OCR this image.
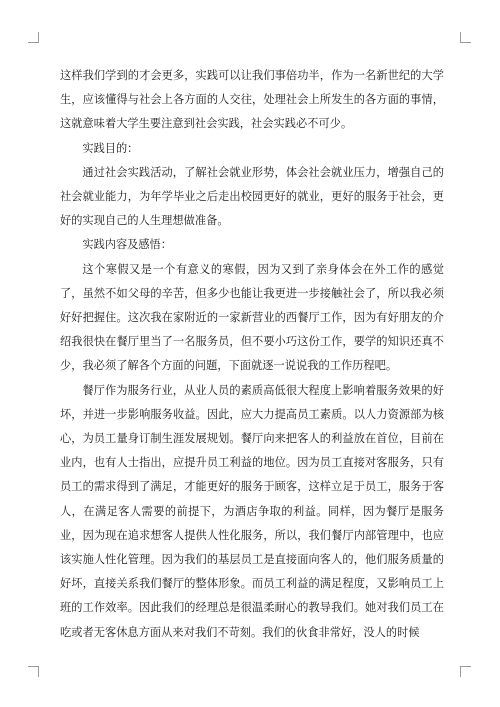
这样我们学到的才会更多，实践可以让我们事倍功半，作为一名新世纪的大学生，应该懂得与社会上各方面的人交往，处理社会上所发生的各方面的事情，这就意味着大学生要注意到社会实践，社会实践必不可少。

实践目的：

通过社会实践活动，了解社会就业形势，体会社会就业压力，增强自己的社会就业能力，为年学毕业之后走出校园更好的就业，更好的服务于社会，更好的实现自己的人生理想做准备。

实践内容及感悟：

这个寒假又是一个有意义的寒假，因为又到了亲身体会在外工作的感觉了，虽然不如父母的辛苦，但多少也能让我更进一步接触社会了，所以我必须好好把握住。这次我在家附近的一家新营业的西餐厅工作，因为有好朋友的介绍我很快在餐厅里当了一名服务员，但不要小巧这份工作，要学的知识还真不少，我必须了解各个方面的问题，下面就逐一说说我的工作历程吧。

餐厅作为服务行业，从业人员的素质高低很大程度上影响着服务效果的好坏，并进一步影响服务收益。因此，应大力提高员工素质。以人力资源部为核心，为员工量身订制生涯发展规划。餐厅向来把客人的利益放在首位，目前在业内，也有人士指出，应提升员工利益的地位。因为员工直接对客服务，只有员工的需求得到了满足，才能更好的服务于顾客，这样立足于员工，服务于客人，在满足客人需要的前提下，为酒店争取的利益。同样，因为餐厅是服务业，因为现在追求想客人提供人性化服务，所以，我们餐厅内部管理中，也应该实施人性化管理。因为我们的基层员工是直接面向客人的，他们服务质量的好坏，直接关系我们餐厅的整体形象。而员工利益的满足程度，又影响员工上班的工作效率。因此我们的经理总是很温柔耐心的教导我们。她对我们员工在吃或者无客休息方面从来对我们不苛刻。我们的伙食非常好，没人的时候
